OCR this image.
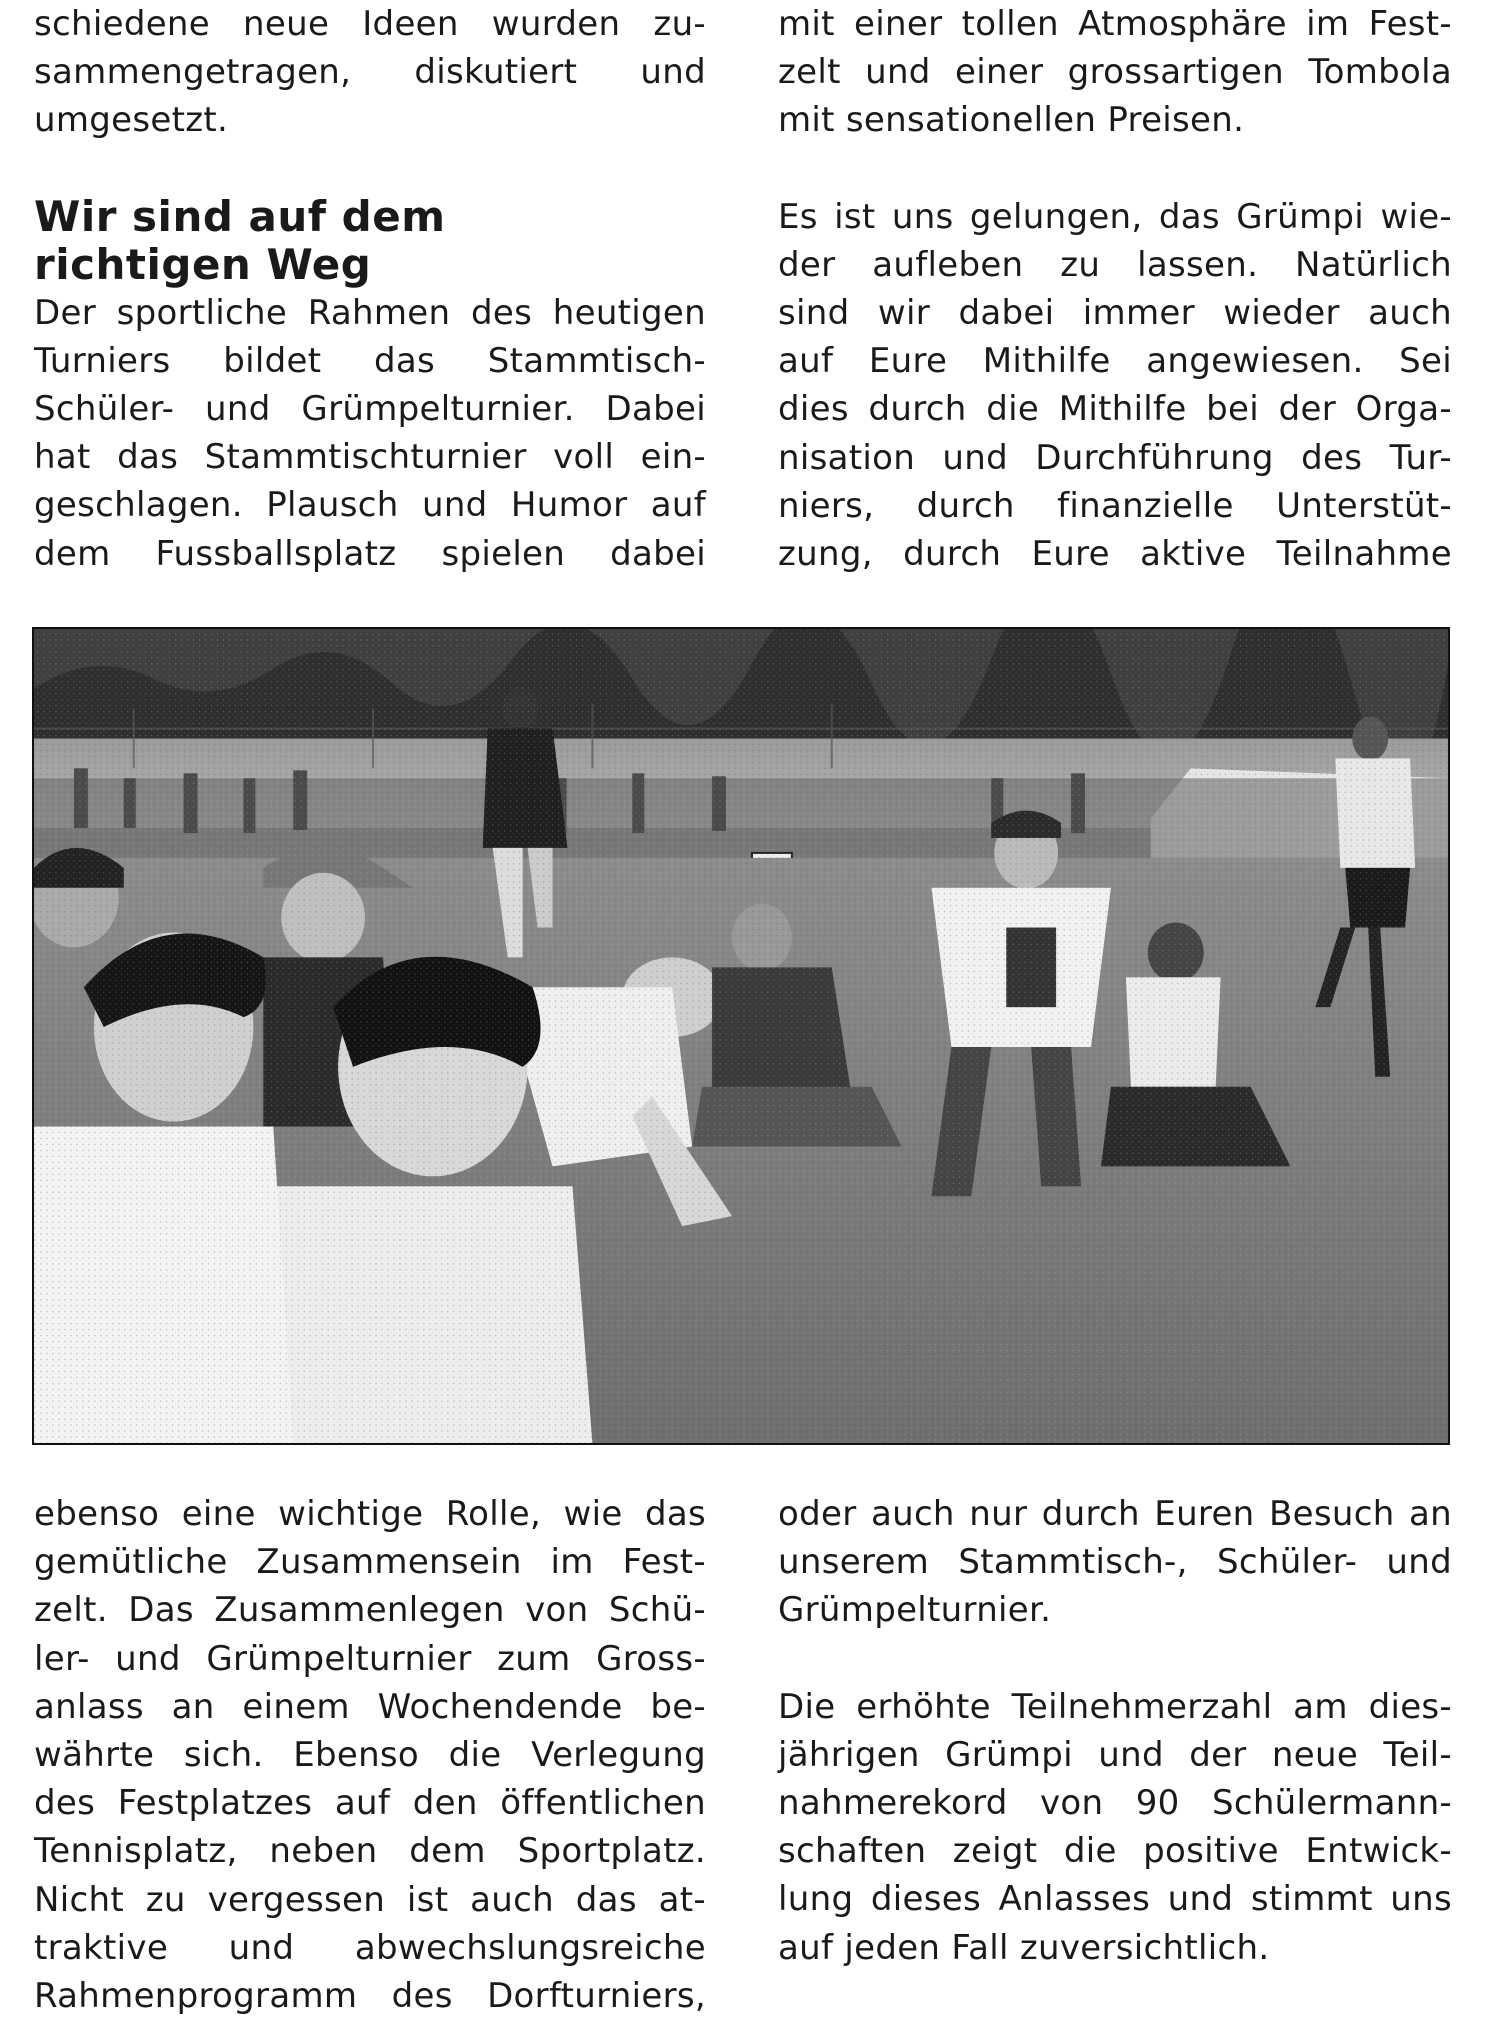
schiedene neue Ideen wurden zu-
sammengetragen, diskutiert und
umgesetzt.
Wir sind auf dem
richtigen Weg
Der sportliche Rahmen des heutigen
Turniers bildet das Stammtisch-
Schüler- und Grümpelturnier. Dabei
hat das Stammtischturnier voll ein-
geschlagen. Plausch und Humor auf
dem Fussballsplatz spielen dabei
mit einer tollen Atmosphäre im Fest-
zelt und einer grossartigen Tombola
mit sensationellen Preisen.
Es ist uns gelungen, das Grümpi wie-
der aufleben zu lassen. Natürlich
sind wir dabei immer wieder auch
auf Eure Mithilfe angewiesen. Sei
dies durch die Mithilfe bei der Orga-
nisation und Durchführung des Tur-
niers, durch finanzielle Unterstüt-
zung, durch Eure aktive Teilnahme
ebenso eine wichtige Rolle, wie das
gemütliche Zusammensein im Fest-
zelt. Das Zusammenlegen von Schü-
ler- und Grümpelturnier zum Gross-
anlass an einem Wochendende be-
währte sich. Ebenso die Verlegung
des Festplatzes auf den öffentlichen
Tennisplatz, neben dem Sportplatz.
Nicht zu vergessen ist auch das at-
traktive und abwechslungsreiche
Rahmenprogramm des Dorfturniers,
oder auch nur durch Euren Besuch an
unserem Stammtisch-, Schüler- und
Grümpelturnier.
Die erhöhte Teilnehmerzahl am dies-
jährigen Grümpi und der neue Teil-
nahmerekord von 90 Schülermann-
schaften zeigt die positive Entwick-
lung dieses Anlasses und stimmt uns
auf jeden Fall zuversichtlich.
